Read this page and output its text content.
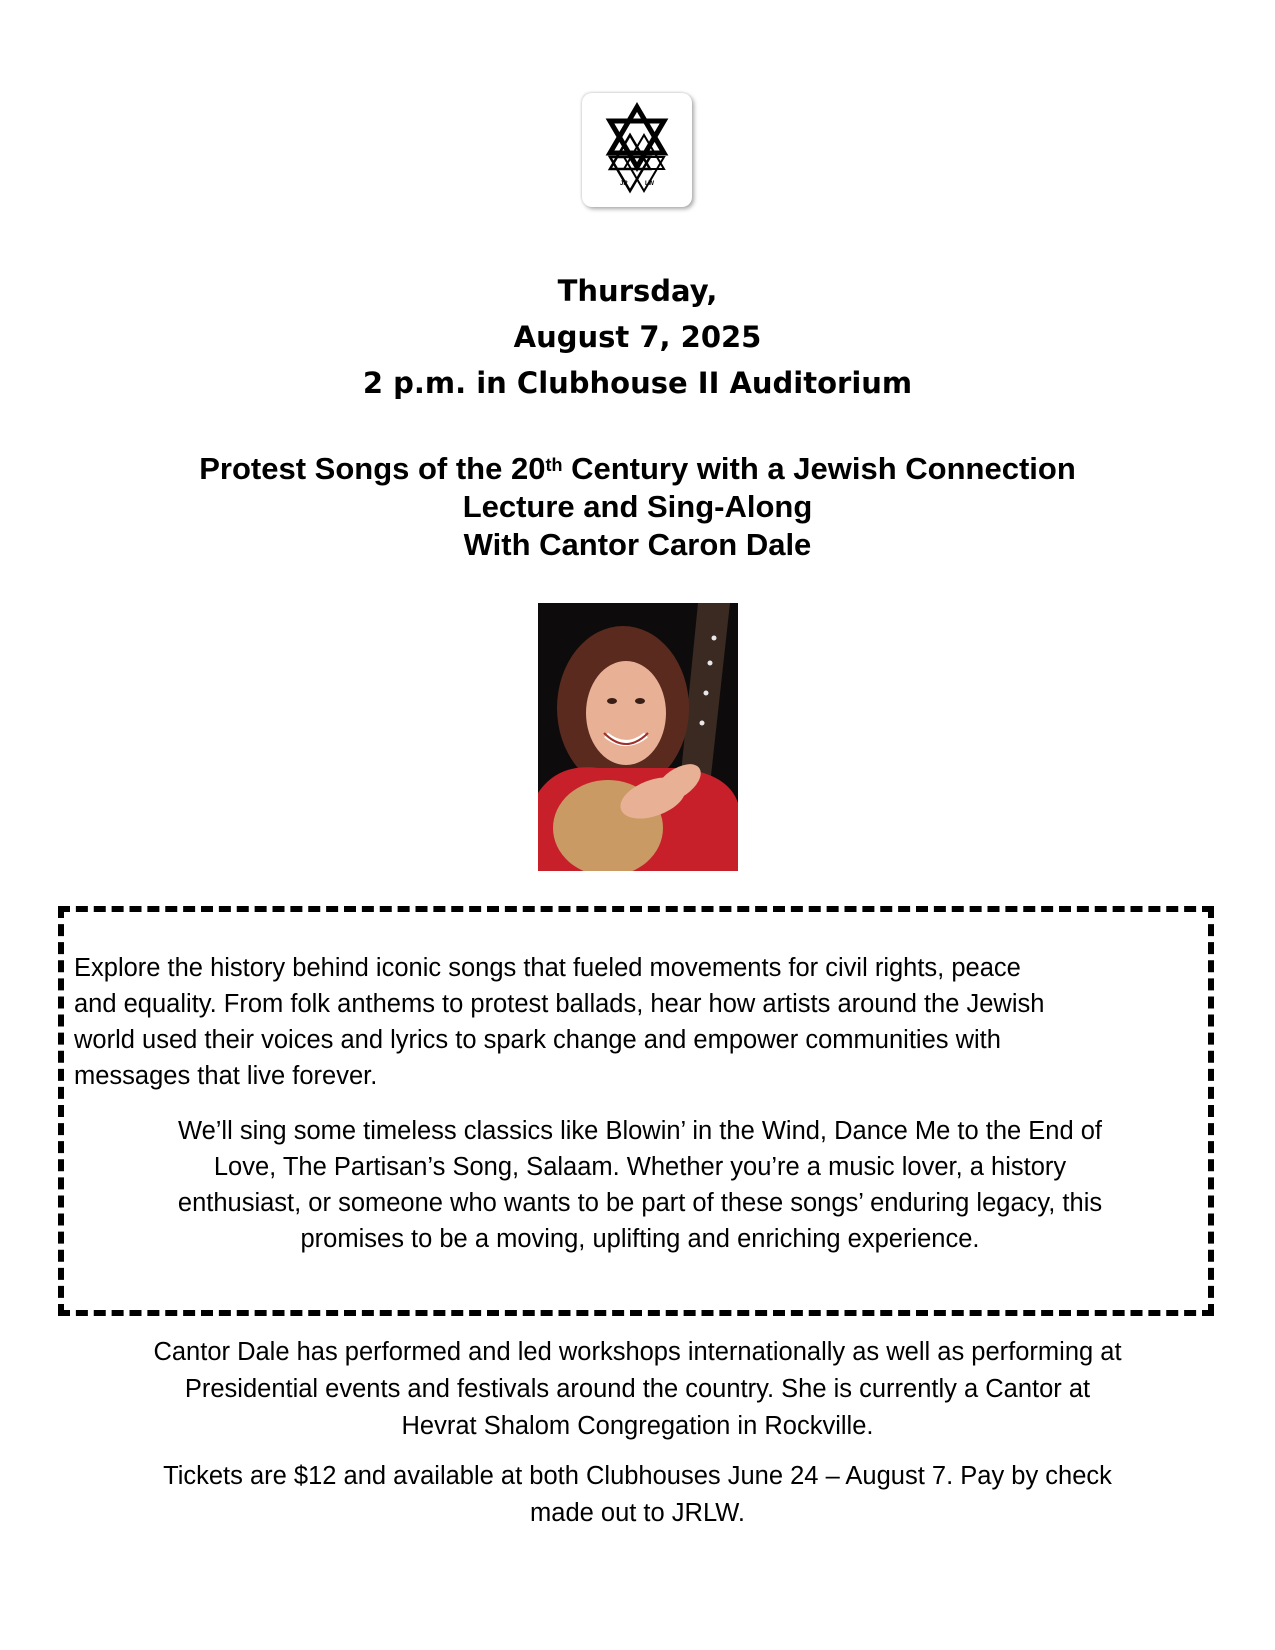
JR	LW
Thursday,
August 7, 2025
2 p.m. in Clubhouse II Auditorium
Protest Songs of the 20th Century with a Jewish Connection
Lecture and Sing-Along
With Cantor Caron Dale
Explore the history behind iconic songs that fueled movements for civil rights, peace
and equality. From folk anthems to protest ballads, hear how artists around the Jewish
world used their voices and lyrics to spark change and empower communities with
messages that live forever.
We’ll sing some timeless classics like Blowin’ in the Wind, Dance Me to the End of
Love, The Partisan’s Song, Salaam. Whether you’re a music lover, a history
enthusiast, or someone who wants to be part of these songs’ enduring legacy, this
promises to be a moving, uplifting and enriching experience.
Cantor Dale has performed and led workshops internationally as well as performing at
Presidential events and festivals around the country. She is currently a Cantor at
Hevrat Shalom Congregation in Rockville.
Tickets are $12 and available at both Clubhouses June 24 – August 7. Pay by check
made out to JRLW.
